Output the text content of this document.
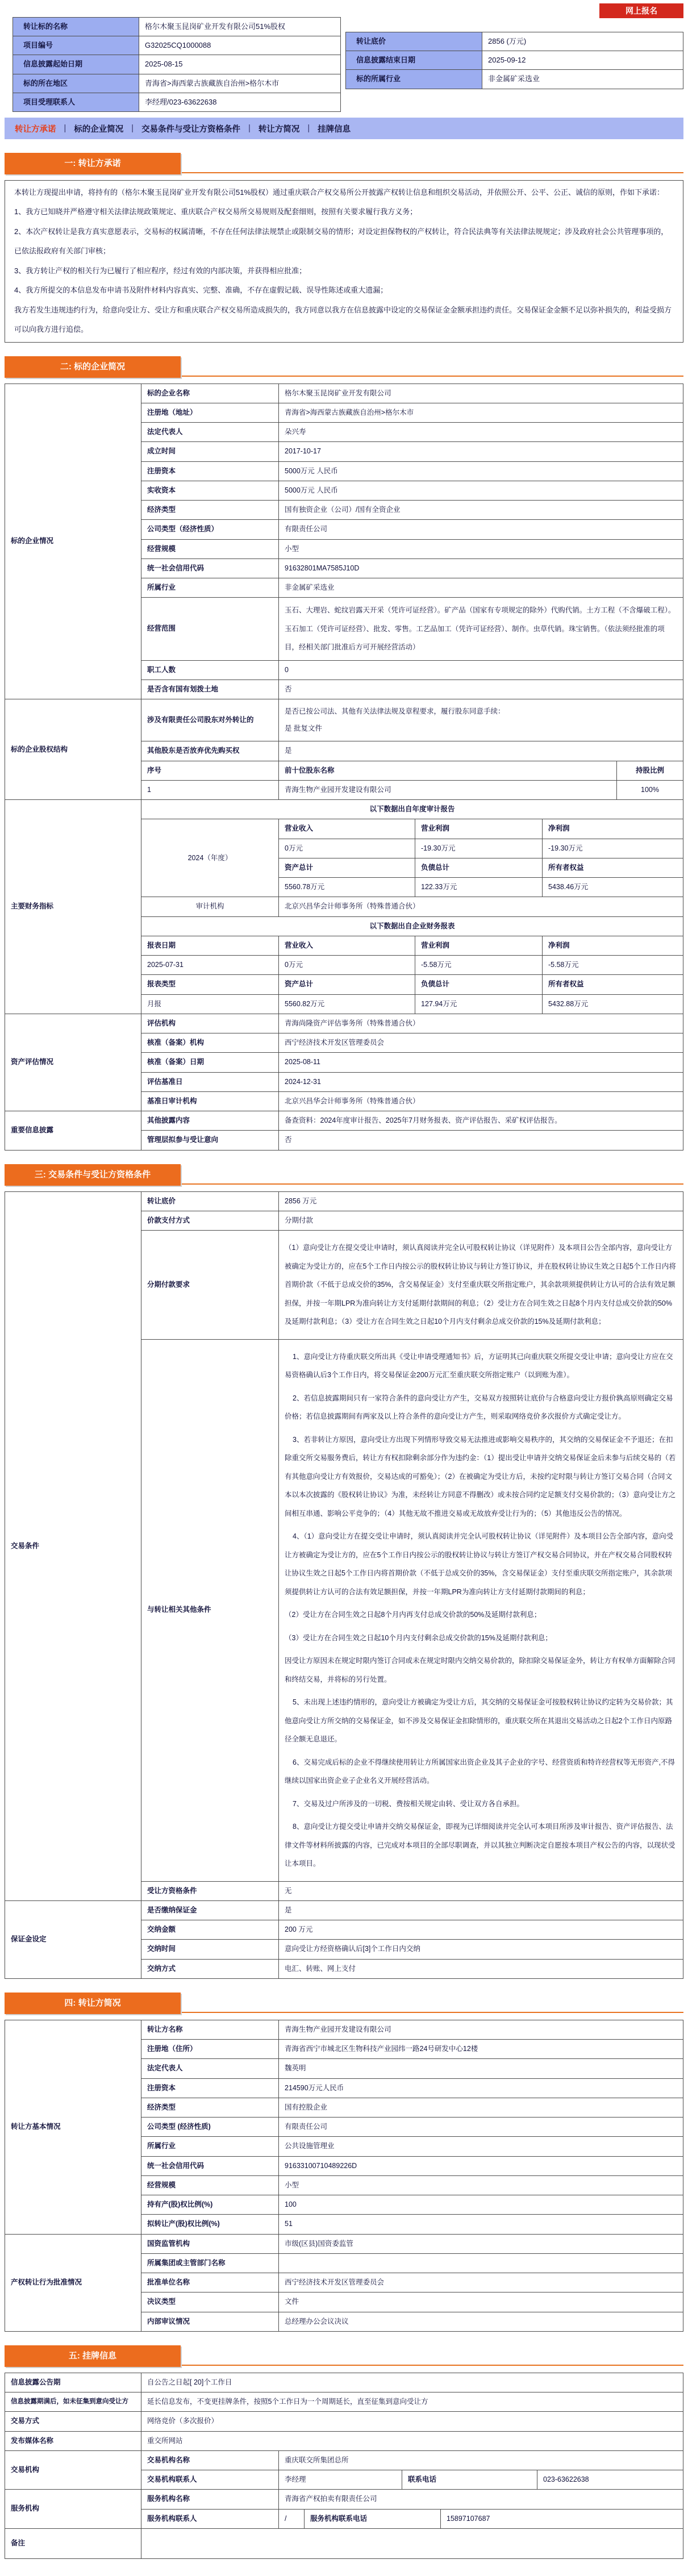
网上报名
转让标的名称	格尔木聚玉昆岗矿业开发有限公司51%股权
项目编号	G32025CQ1000088
信息披露起始日期	2025-08-15
标的所在地区	青海省>海西蒙古族藏族自治州>格尔木市
项目受理联系人	李经理/023-63622638
转让底价	2856 (万元)
信息披露结束日期	2025-09-12
标的所属行业	非金属矿采选业
转让方承诺 | 标的企业简况 | 交易条件与受让方资格条件 | 转让方简况 | 挂牌信息
一: 转让方承诺

本转让方现提出申请，将持有的（格尔木聚玉昆岗矿业开发有限公司51%股权）通过重庆联合产权交易所公开披露产权转让信息和组织交易活动，并依照公开、公平、公正、诚信的原则，作如下承诺：

1、我方已知晓并严格遵守相关法律法规政策规定、重庆联合产权交易所交易规则及配套细则，按照有关要求履行我方义务；

2、本次产权转让是我方真实意愿表示，交易标的权属清晰，不存在任何法律法规禁止或限制交易的情形；对设定担保物权的产权转让，符合民法典等有关法律法规规定；涉及政府社会公共管理事项的，已依法报政府有关部门审核；

3、我方转让产权的相关行为已履行了相应程序，经过有效的内部决策，并获得相应批准；

4、我方所提交的本信息发布申请书及附件材料内容真实、完整、准确，不存在虚假记载、误导性陈述或重大遗漏；

我方若发生违规违约行为，给意向受让方、受让方和重庆联合产权交易所造成损失的，我方同意以我方在信息披露中设定的交易保证金金额承担违约责任。交易保证金金额不足以弥补损失的，利益受损方可以向我方进行追偿。

二: 标的企业简况
标的企业情况	标的企业名称	格尔木聚玉昆岗矿业开发有限公司
	注册地（地址）	青海省>海西蒙古族藏族自治州>格尔木市
	法定代表人	朵兴寿
	成立时间	2017-10-17
	注册资本	5000万元 人民币
	实收资本	5000万元 人民币
	经济类型	国有独资企业（公司）/国有全资企业
	公司类型（经济性质）	有限责任公司
	经营规模	小型
	统一社会信用代码	91632801MA7585J10D
	所属行业	非金属矿采选业
	经营范围	玉石、大理岩、蛇纹岩露天开采（凭许可证经营）。矿产品（国家有专项规定的除外）代购代销。土方工程（不含爆破工程）。玉石加工（凭许可证经营）、批发、零售。工艺品加工（凭许可证经营）、制作。虫草代销。珠宝销售。（依法须经批准的项目，经相关部门批准后方可开展经营活动）
	职工人数	0
	是否含有国有划拨土地	否
标的企业股权结构	涉及有限责任公司股东对外转让的	是否已按公司法、其他有关法律法规及章程要求，履行股东同意手续：

是 批复文件	

	其他股东是否放弃优先购买权	是	
	序号	前十位股东名称	持股比例
	1	青海生物产业园开发建设有限公司	100%
主要财务指标	以下数据出自年度审计报告			
	2024（年度）	营业收入	营业利润	净利润
		0万元	-19.30万元	-19.30万元
		资产总计	负债总计	所有者权益
		5560.78万元	122.33万元	5438.46万元
	审计机构	北京兴昌华会计师事务所（特殊普通合伙）		
	以下数据出自企业财务报表			
	报表日期	营业收入	营业利润	净利润
	2025-07-31	0万元	-5.58万元	-5.58万元
	报表类型	资产总计	负债总计	所有者权益
	月报	5560.82万元	127.94万元	5432.88万元
资产评估情况	评估机构	青海尚隆资产评估事务所（特殊普通合伙）
	核准（备案）机构	西宁经济技术开发区管理委员会
	核准（备案）日期	2025-08-11
	评估基准日	2024-12-31
	基准日审计机构	北京兴昌华会计师事务所（特殊普通合伙）
重要信息披露	其他披露内容	备查资料：2024年度审计报告、2025年7月财务报表、资产评估报告、采矿权评估报告。
	管理层拟参与受让意向	否
三: 交易条件与受让方资格条件
交易条件	转让底价	2856 万元
	价款支付方式	分期付款
	分期付款要求	（1）意向受让方在提交受让申请时，须认真阅读并完全认可股权转让协议（详见附件）及本项目公告全部内容，意向受让方被确定为受让方的，应在5个工作日内按公示的股权转让协议与转让方签订协议，并在股权转让协议生效之日起5个工作日内将首期价款（不低于总成交价的35%，含交易保证金）支付至重庆联交所指定账户，其余款项须提供转让方认可的合法有效足额担保，并按一年期LPR为准向转让方支付延期付款期间的利息；（2）受让方在合同生效之日起8个月内支付总成交价款的50%及延期付款利息；（3）受让方在合同生效之日起10个月内支付剩余总成交价款的15%及延期付款利息；

与转让相关其他条件	

1、意向受让方待重庆联交所出具《受让申请受理通知书》后，方证明其已向重庆联交所提交受让申请；意向受让方应在交易资格确认后3个工作日内，将交易保证金200万元汇至重庆联交所指定账户（以到账为准）。

2、若信息披露期间只有一家符合条件的意向受让方产生，交易双方按照转让底价与合格意向受让方报价孰高原则确定交易价格；若信息披露期间有两家及以上符合条件的意向受让方产生，则采取网络竞价多次报价方式确定受让方。

3、若非转让方原因，意向受让方出现下列情形导致交易无法推进或影响交易秩序的，其交纳的交易保证金不予退还；在扣除重交所交易服务费后，转让方有权扣除剩余部分作为违约金：（1）提出受让申请并交纳交易保证金后未参与后续交易的（若有其他意向受让方有效报价，交易达成的可豁免）；（2）在被确定为受让方后，未按约定时限与转让方签订交易合同（合同文本以本次披露的《股权转让协议》为准，未经转让方同意不得删改）或未按合同约定足额支付交易价款的；（3）意向受让方之间相互串通、影响公平竞争的；（4）其他无故不推进交易或无故放弃受让行为的；（5）其他违反公告的情况。

4、（1）意向受让方在提交受让申请时，须认真阅读并完全认可股权转让协议（详见附件）及本项目公告全部内容，意向受让方被确定为受让方的，应在5个工作日内按公示的股权转让协议与转让方签订产权交易合同协议，并在产权交易合同股权转让协议生效之日起5个工作日内将首期价款（不低于总成交价的35%，含交易保证金）支付至重庆联交所指定账户，其余款项须提供转让方认可的合法有效足额担保，并按一年期LPR为准向转让方支付延期付款期间的利息；

（2）受让方在合同生效之日起8个月内再支付总成交价款的50%及延期付款利息；

（3）受让方在合同生效之日起10个月内支付剩余总成交价款的15%及延期付款利息；

因受让方原因未在规定时限内签订合同或未在规定时限内交纳交易价款的，除扣除交易保证金外，转让方有权单方面解除合同和终结交易，并将标的另行处置。

5、未出现上述违约情形的，意向受让方被确定为受让方后，其交纳的交易保证金可按股权转让协议约定转为交易价款；其他意向受让方所交纳的交易保证金，如不涉及交易保证金扣除情形的，重庆联交所在其退出交易活动之日起2个工作日内原路径全额无息退还。

6、交易完成后标的企业不得继续使用转让方所属国家出资企业及其子企业的字号、经营资质和特许经营权等无形资产,不得继续以国家出资企业子企业名义开展经营活动。

7、交易及过户所涉及的一切税、费按相关规定由转、受让双方各自承担。

8、意向受让方提交受让申请并交纳交易保证金，即视为已详细阅读并完全认可本项目所涉及审计报告、资产评估报告、法律文件等材料所披露的内容，已完成对本项目的全部尽职调查，并以其独立判断决定自愿按本项目产权公告的内容，以现状受让本项目。

	受让方资格条件	无
保证金设定	是否缴纳保证金	是
	交纳金额	200 万元
	交纳时间	意向受让方经资格确认后[3]个工作日内交纳
	交纳方式	电汇、转账、网上支付
四: 转让方简况
转让方基本情况	转让方名称	青海生物产业园开发建设有限公司
	注册地（住所）	青海省西宁市城北区生物科技产业园纬一路24号研发中心12楼
	法定代表人	魏英明
	注册资本	214590万元人民币
	经济类型	国有控股企业
	公司类型 (经济性质)	有限责任公司
	所属行业	公共设施管理业
	统一社会信用代码	91633100710489226D
	经营规模	小型
	持有产(股)权比例(%)	100
	拟转让产(股)权比例(%)	51
产权转让行为批准情况	国资监管机构	市级(区县)国资委监管
	所属集团或主管部门名称	
	批准单位名称	西宁经济技术开发区管理委员会
	决议类型	文件
	内部审议情况	总经理办公会议决议
五: 挂牌信息
信息披露公告期	自公告之日起[ 20]个工作日
信息披露期满后，如未征集到意向受让方	延长信息发布，不变更挂牌条件，按照5个工作日为一个周期延长，直至征集到意向受让方
交易方式	网络竞价（多次报价）
发布媒体名称	重交所网站
交易机构	交易机构名称	重庆联交所集团总所		
	交易机构联系人	李经理	联系电话	023-63622638
服务机构	服务机构名称	青海省产权拍卖有限责任公司		
	服务机构联系人	/	服务机构联系电话	15897107687
备注	
